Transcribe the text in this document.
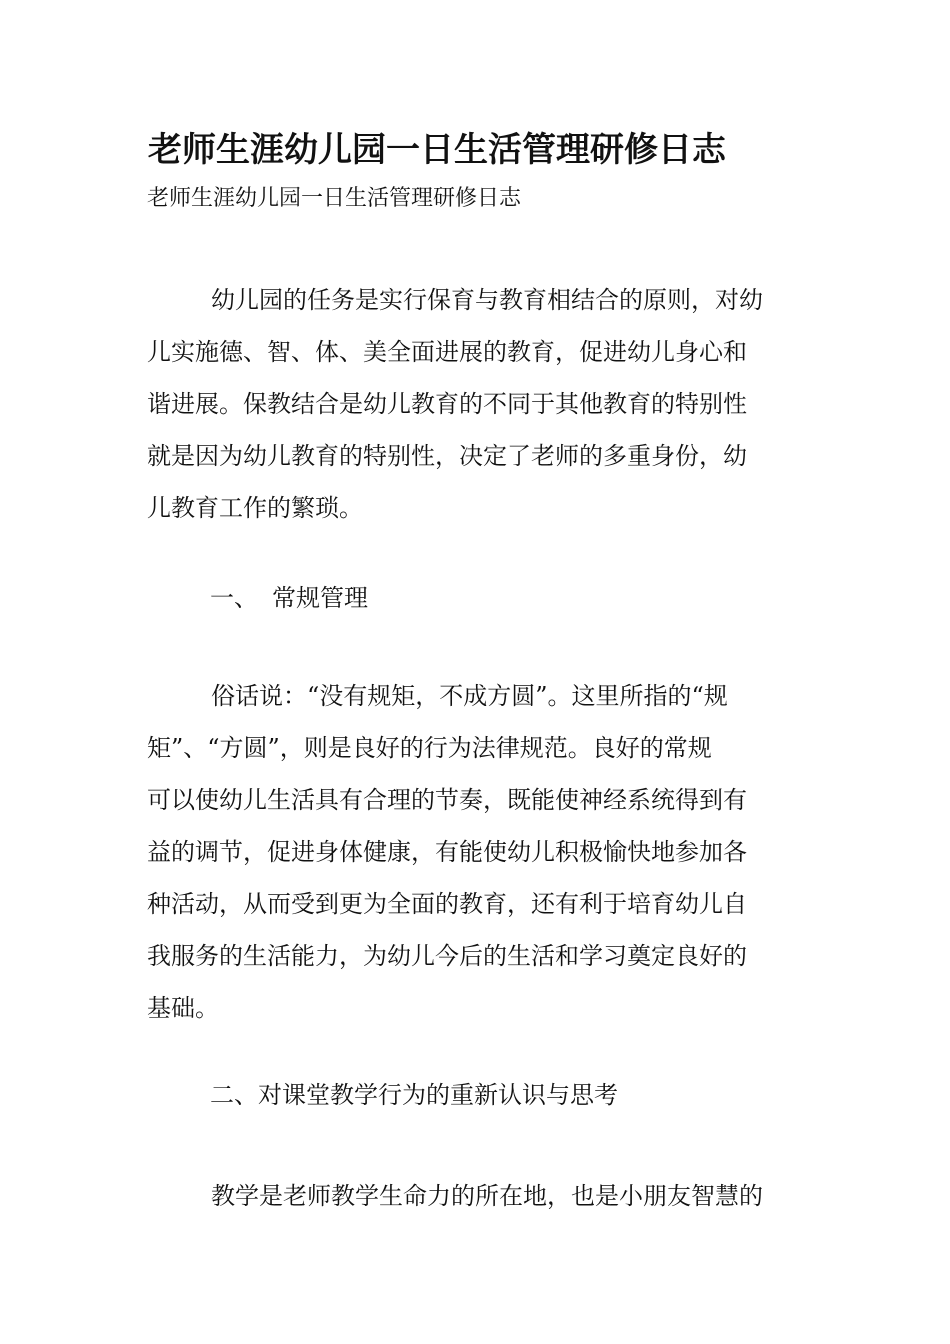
老师生涯幼儿园一日生活管理研修日志
老师生涯幼儿园一日生活管理研修日志
幼儿园的任务是实行保育与教育相结合的原则，对幼
儿实施德、智、体、美全面进展的教育，促进幼儿身心和
谐进展。保教结合是幼儿教育的不同于其他教育的特别性
就是因为幼儿教育的特别性，决定了老师的多重身份，幼
儿教育工作的繁琐。
一、 常规管理
俗话说：“没有规矩，不成方圆”。这里所指的“规
矩”、“方圆”，则是良好的行为法律规范。良好的常规
可以使幼儿生活具有合理的节奏，既能使神经系统得到有
益的调节，促进身体健康，有能使幼儿积极愉快地参加各
种活动，从而受到更为全面的教育，还有利于培育幼儿自
我服务的生活能力，为幼儿今后的生活和学习奠定良好的
基础。
二、对课堂教学行为的重新认识与思考
教学是老师教学生命力的所在地，也是小朋友智慧的
